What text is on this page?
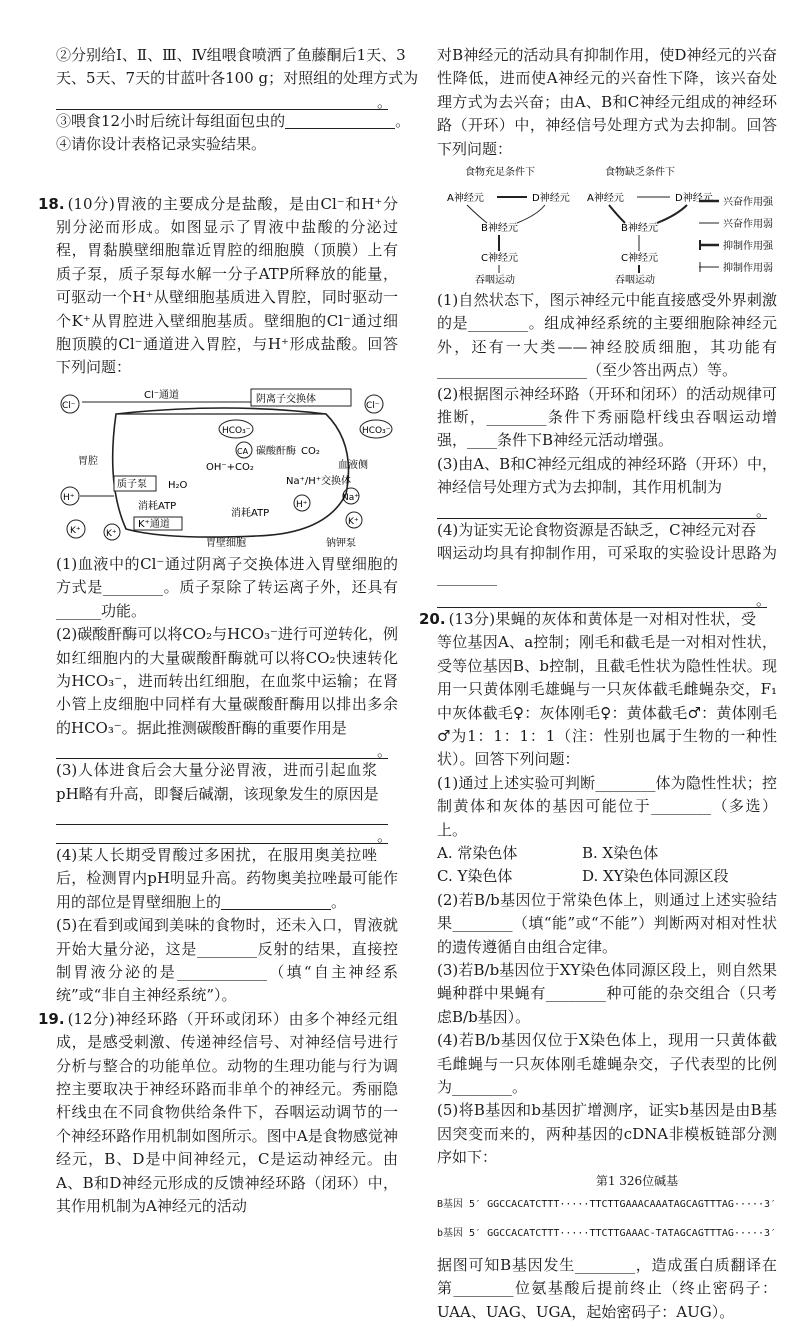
②分别给Ⅰ、Ⅱ、Ⅲ、Ⅳ组喂食喷洒了鱼藤酮后1天、3
天、5天、7天的甘蓝叶各100 g；对照组的处理方式为
。
③喂食12小时后统计每组面包虫的	。
④请你设计表格记录实验结果。
18. (10分)胃液的主要成分是盐酸，是由Cl⁻和H⁺分别分泌而形成。如图显示了胃液中盐酸的分泌过程，胃黏膜壁细胞靠近胃腔的细胞膜（顶膜）上有质子泵，质子泵每水解一分子ATP所释放的能量，可驱动一个H⁺从壁细胞基质进入胃腔，同时驱动一个K⁺从胃腔进入壁细胞基质。壁细胞的Cl⁻通过细胞顶膜的Cl⁻通道进入胃腔，与H⁺形成盐酸。回答下列问题：
Cl⁻
Cl⁻通道	阴离子交换体
Cl⁻
HCO₃⁻	HCO₃⁻
CA 碳酸酐酶 CO₂
OH⁻+CO₂	血液侧
胃腔
质子泵 H₂O
H⁺
消耗ATP
K⁺
K⁺通道
K⁺
Na⁺/H⁺交换体
H⁺
Na⁺
消耗ATP
K⁺
钠钾泵
胃壁细胞
(1)血液中的Cl⁻通过阴离子交换体进入胃壁细胞的方式是________。质子泵除了转运离子外，还具有______功能。
(2)碳酸酐酶可以将CO₂与HCO₃⁻进行可逆转化，例如红细胞内的大量碳酸酐酶就可以将CO₂快速转化为HCO₃⁻，进而转出红细胞，在血浆中运输；在肾小管上皮细胞中同样有大量碳酸酐酶用以排出多余的HCO₃⁻。据此推测碳酸酐酶的重要作用是
。
(3)人体进食后会大量分泌胃液，进而引起血浆pH略有升高，即餐后碱潮，该现象发生的原因是
。
(4)某人长期受胃酸过多困扰，在服用奥美拉唑后，检测胃内pH明显升高。药物奥美拉唑最可能作用的部位是胃壁细胞上的	。
(5)在看到或闻到美味的食物时，还未入口，胃液就开始大量分泌，这是________反射的结果，直接控制胃液分泌的是____________（填“自主神经系统”或“非自主神经系统”）。
19. (12分)神经环路（开环或闭环）由多个神经元组成，是感受刺激、传递神经信号、对神经信号进行分析与整合的功能单位。动物的生理功能与行为调控主要取决于神经环路而非单个的神经元。秀丽隐杆线虫在不同食物供给条件下，吞咽运动调节的一个神经环路作用机制如图所示。图中A是食物感觉神经元，B、D是中间神经元，C是运动神经元。由A、B和D神经元形成的反馈神经环路（闭环）中，其作用机制为A神经元的活动
对B神经元的活动具有抑制作用，使D神经元的兴奋性降低，进而使A神经元的兴奋性下降，该兴奋处理方式为去兴奋；由A、B和C神经元组成的神经环路（开环）中，神经信号处理方式为去抑制。回答下列问题：
食物充足条件下	食物缺乏条件下
A神经元	D神经元
B神经元
C神经元
吞咽运动
A神经元	D神经元
B神经元
C神经元
吞咽运动
兴奋作用强
兴奋作用弱
抑制作用强
抑制作用弱
(1)自然状态下，图示神经元中能直接感受外界刺激的是________。组成神经系统的主要细胞除神经元外，还有一大类——神经胶质细胞，其功能有____________________（至少答出两点）等。
(2)根据图示神经环路（开环和闭环）的活动规律可推断，________条件下秀丽隐杆线虫吞咽运动增强，____条件下B神经元活动增强。
(3)由A、B和C神经元组成的神经环路（开环）中，神经信号处理方式为去抑制，其作用机制为
。
(4)为证实无论食物资源是否缺乏，C神经元对吞咽运动均具有抑制作用，可采取的实验设计思路为________
。
20. (13分)果蝇的灰体和黄体是一对相对性状，受等位基因A、a控制；刚毛和截毛是一对相对性状，受等位基因B、b控制，且截毛性状为隐性性状。现用一只黄体刚毛雄蝇与一只灰体截毛雌蝇杂交，F₁中灰体截毛♀：灰体刚毛♀：黄体截毛♂：黄体刚毛♂为1：1：1：1（注：性别也属于生物的一种性状）。回答下列问题：
(1)通过上述实验可判断________体为隐性性状；控制黄体和灰体的基因可能位于________（多选）上。
A. 常染色体	B. X染色体
C. Y染色体	D. XY染色体同源区段
(2)若B/b基因位于常染色体上，则通过上述实验结果________（填“能”或“不能”）判断两对相对性状的遗传遵循自由组合定律。
(3)若B/b基因位于XY染色体同源区段上，则自然果蝇种群中果蝇有________种可能的杂交组合（只考虑B/b基因）。
(4)若B/b基因仅位于X染色体上，现用一只黄体截毛雌蝇与一只灰体刚毛雄蝇杂交，子代表型的比例为________。
(5)将B基因和b基因扩增测序，证实b基因是由B基因突变而来的，两种基因的cDNA非模板链部分测序如下：
第1 326位碱基
B基因 5′ GGCCACATCTTT·····TTCTTGAAACAAATAGCAGTTTAG·····3′
b基因 5′ GGCCACATCTTT·····TTCTTGAAAC-TATAGCAGTTTAG·····3′
据图可知B基因发生________，造成蛋白质翻译在第________位氨基酸后提前终止（终止密码子：UAA、UAG、UGA，起始密码子：AUG）。
